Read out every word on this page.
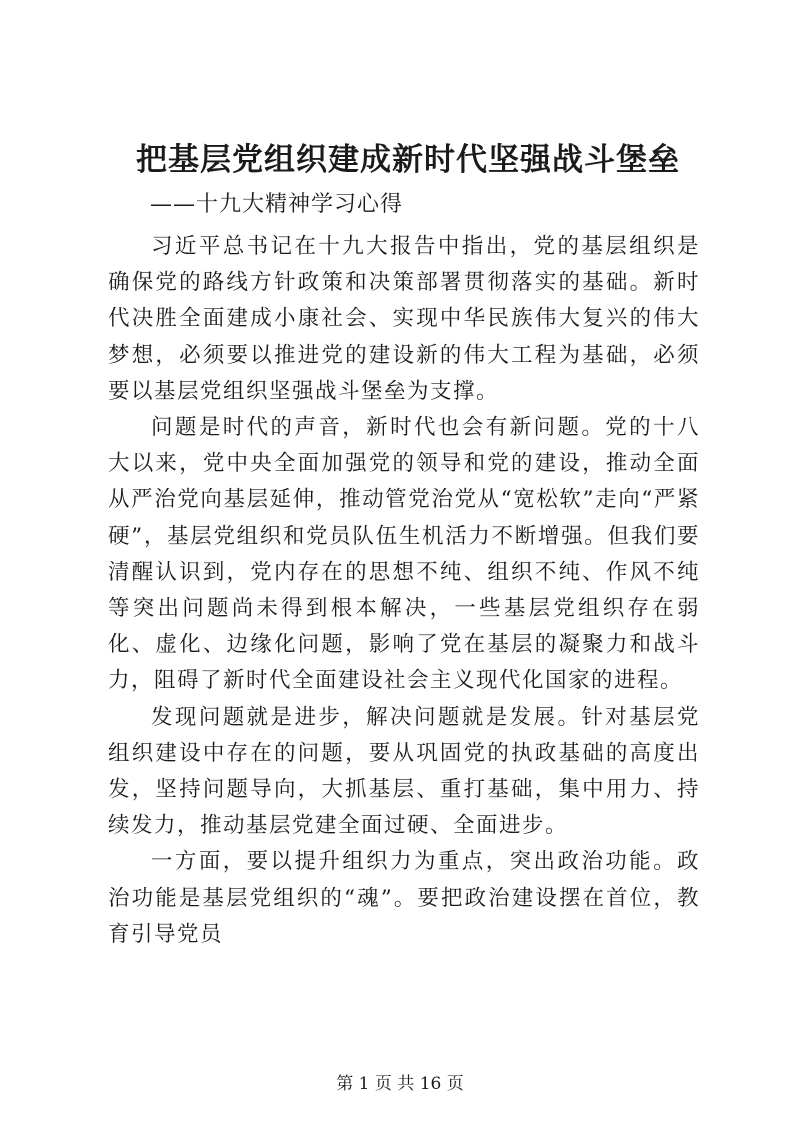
把基层党组织建成新时代坚强战斗堡垒
——十九大精神学习心得

习近平总书记在十九大报告中指出，党的基层组织是确保党的路线方针政策和决策部署贯彻落实的基础。新时代决胜全面建成小康社会、实现中华民族伟大复兴的伟大梦想，必须要以推进党的建设新的伟大工程为基础，必须要以基层党组织坚强战斗堡垒为支撑。

问题是时代的声音，新时代也会有新问题。党的十八大以来，党中央全面加强党的领导和党的建设，推动全面从严治党向基层延伸，推动管党治党从“宽松软”走向“严紧硬”，基层党组织和党员队伍生机活力不断增强。但我们要清醒认识到，党内存在的思想不纯、组织不纯、作风不纯等突出问题尚未得到根本解决，一些基层党组织存在弱化、虚化、边缘化问题，影响了党在基层的凝聚力和战斗力，阻碍了新时代全面建设社会主义现代化国家的进程。

发现问题就是进步，解决问题就是发展。针对基层党组织建设中存在的问题，要从巩固党的执政基础的高度出发，坚持问题导向，大抓基层、重打基础，集中用力、持续发力，推动基层党建全面过硬、全面进步。

一方面，要以提升组织力为重点，突出政治功能。政治功能是基层党组织的“魂”。要把政治建设摆在首位，教育引导党员

第 1 页 共 16 页
